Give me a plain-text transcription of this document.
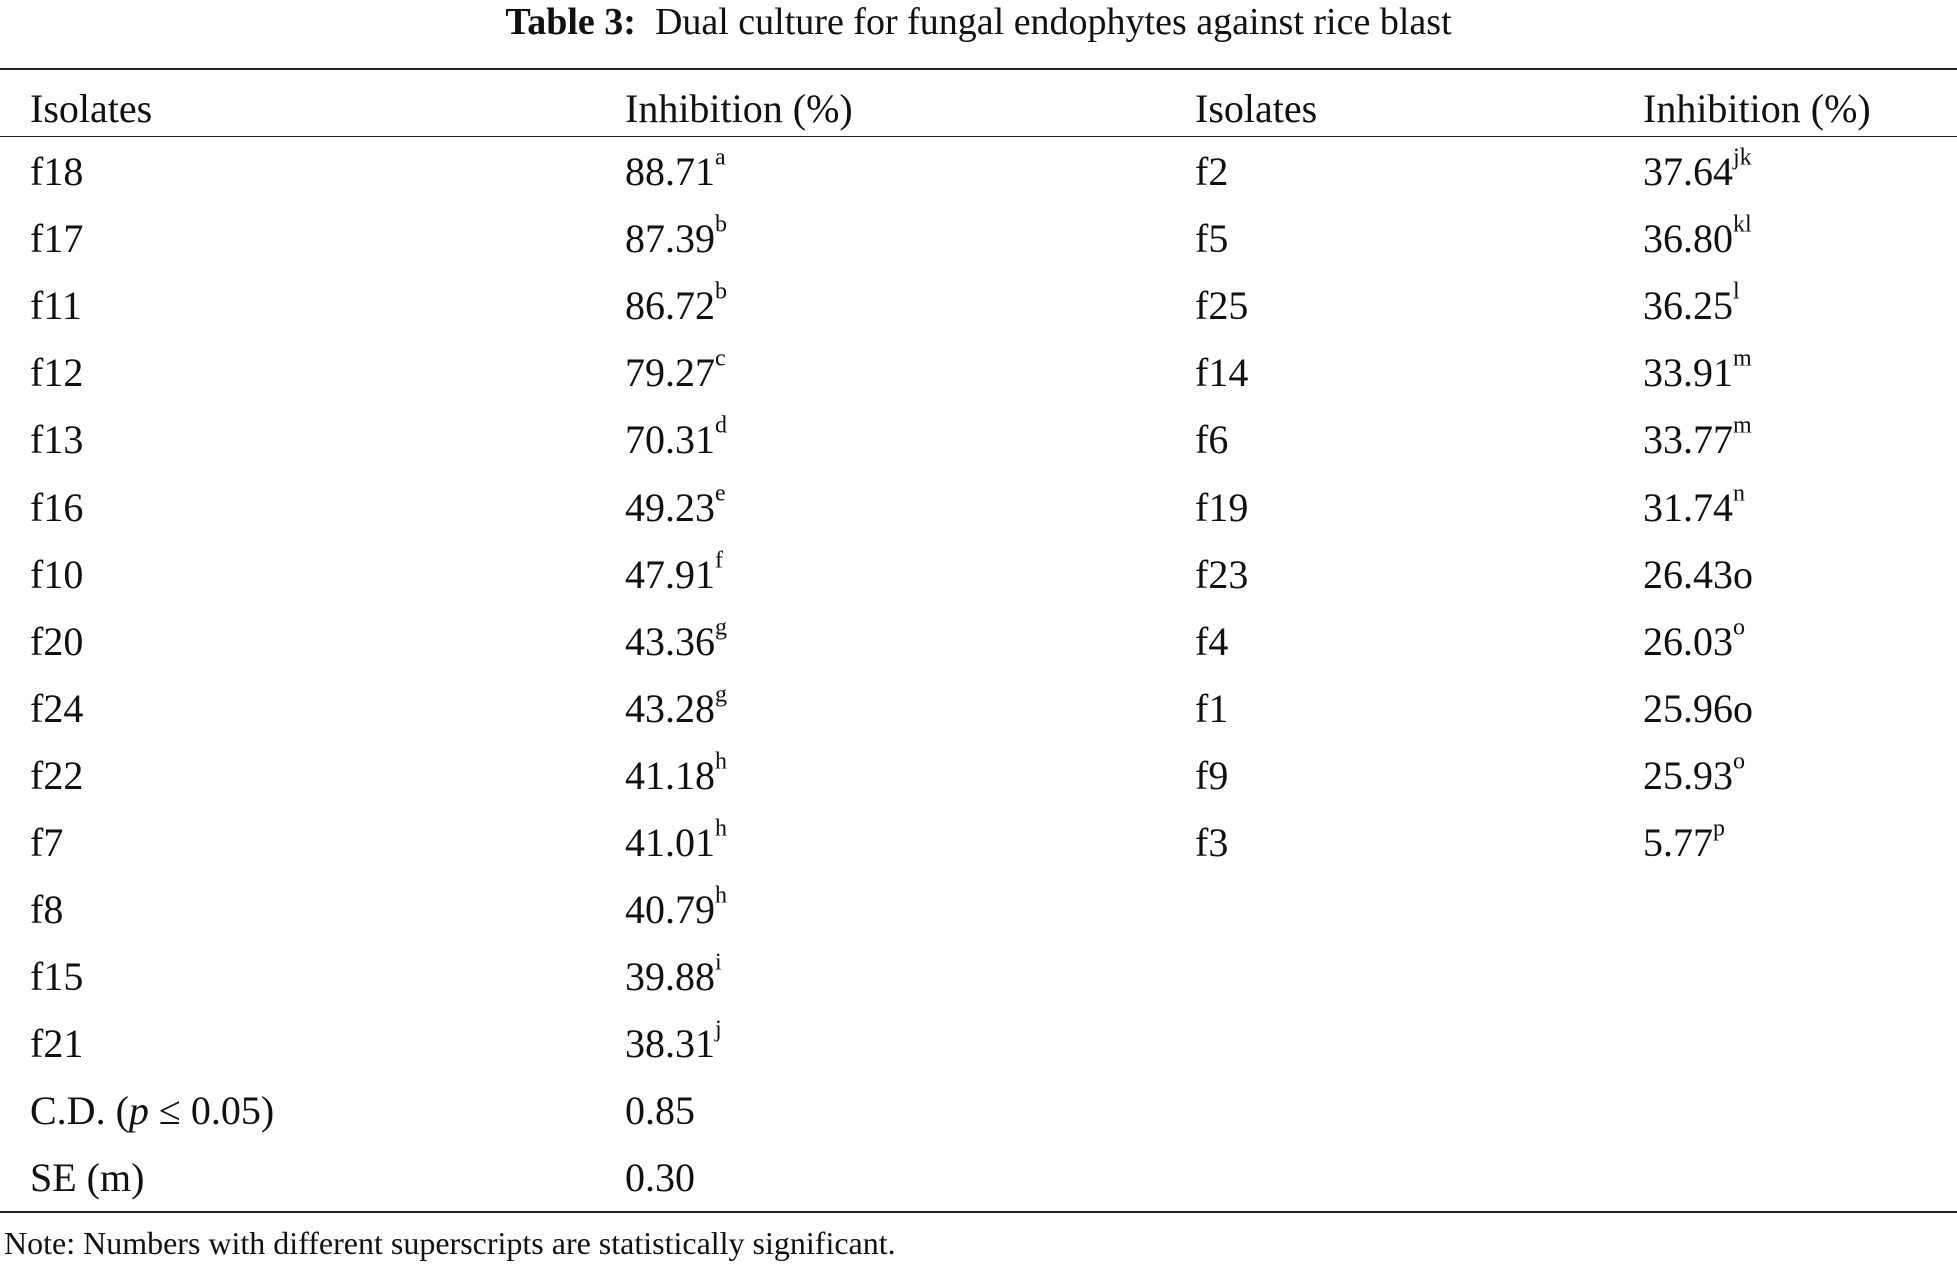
Table 3: Dual culture for fungal endophytes against rice blast
Isolates	Inhibition (%)	Isolates	Inhibition (%)
f18	88.71$^a$	f2	$37.64^{jk}$
f17	87.39$^b$	f5	$36.80^{kl}$
f11	86.72$^b$	f25	36.25$^l$
f12	79.27$^c$	f14	33.91$^m$
f13	70.31$^d$	f6	33.77$^m$
f16	49.23e	f19	31.74$^n$
f10	47.91$^f$	f23	26.43o
f20	43.36$^g$	f4	26.03$^o$
f24	43.28$^g$	f1	25.96o
f22	41.18$^h$	f9	25.93$^o$
f7	41.01$^h$	f3	5.77$^p$
f8	40.79$^h$		
f15	39.88$^i$		
f21	38.31$^j$		
C.D. (p ≤ 0.05)	0.85		
SE (m)	0.30		
Note: Numbers with different superscripts are statistically significant.
